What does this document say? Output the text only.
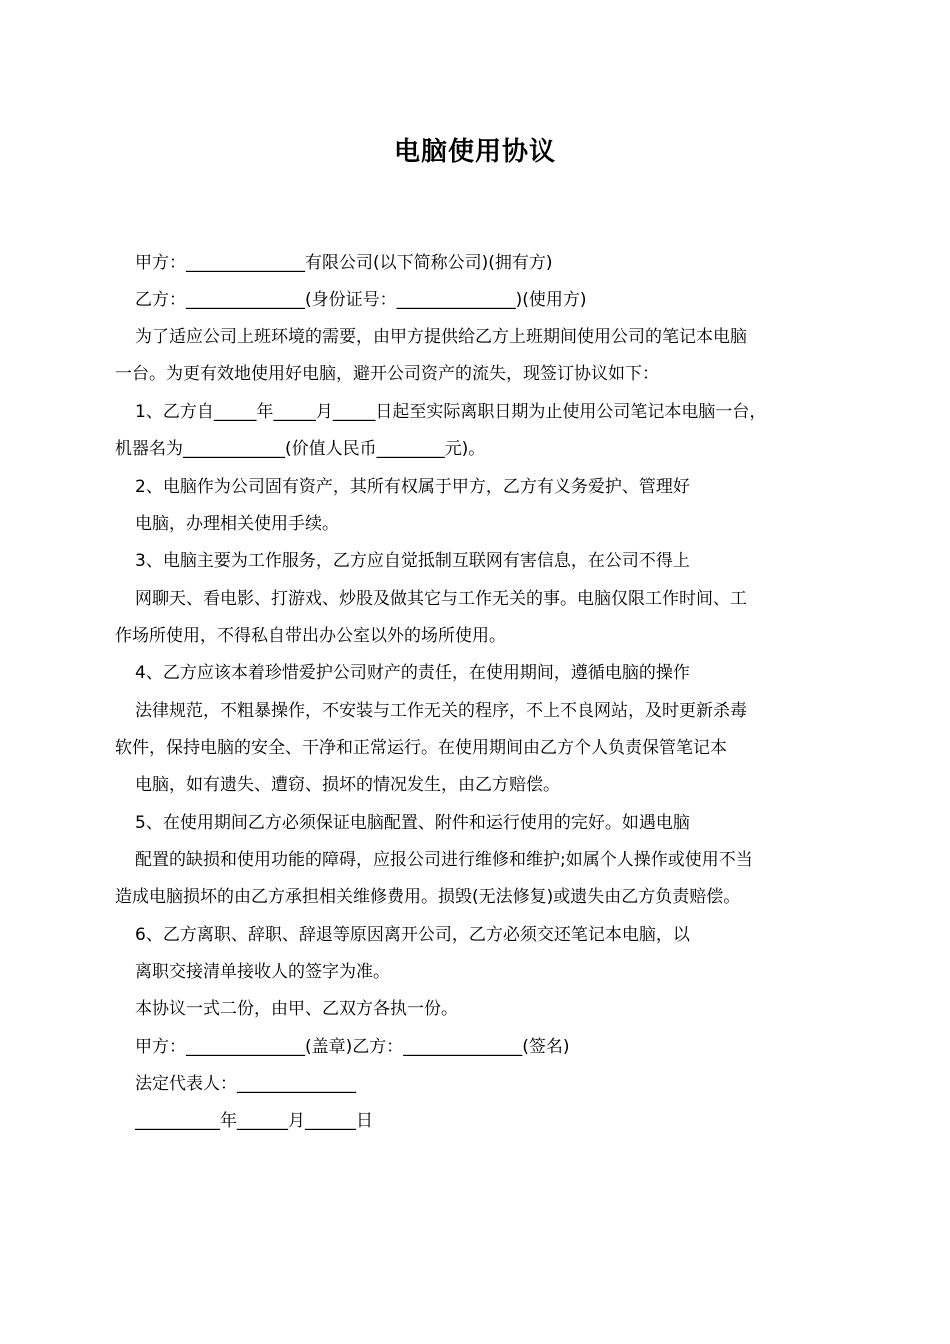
电脑使用协议
甲方：______________有限公司(以下简称公司)(拥有方)
乙方：______________(身份证号：______________)(使用方)
为了适应公司上班环境的需要，由甲方提供给乙方上班期间使用公司的笔记本电脑
一台。为更有效地使用好电脑，避开公司资产的流失，现签订协议如下：
1、乙方自_____年_____月_____日起至实际离职日期为止使用公司笔记本电脑一台，
机器名为____________(价值人民币________元)。
2、电脑作为公司固有资产，其所有权属于甲方，乙方有义务爱护、管理好
电脑，办理相关使用手续。
3、电脑主要为工作服务，乙方应自觉抵制互联网有害信息，在公司不得上
网聊天、看电影、打游戏、炒股及做其它与工作无关的事。电脑仅限工作时间、工
作场所使用，不得私自带出办公室以外的场所使用。
4、乙方应该本着珍惜爱护公司财产的责任，在使用期间，遵循电脑的操作
法律规范，不粗暴操作，不安装与工作无关的程序，不上不良网站，及时更新杀毒
软件，保持电脑的安全、干净和正常运行。在使用期间由乙方个人负责保管笔记本
电脑，如有遗失、遭窃、损坏的情况发生，由乙方赔偿。
5、在使用期间乙方必须保证电脑配置、附件和运行使用的完好。如遇电脑
配置的缺损和使用功能的障碍，应报公司进行维修和维护;如属个人操作或使用不当
造成电脑损坏的由乙方承担相关维修费用。损毁(无法修复)或遗失由乙方负责赔偿。
6、乙方离职、辞职、辞退等原因离开公司，乙方必须交还笔记本电脑，以
离职交接清单接收人的签字为准。
本协议一式二份，由甲、乙双方各执一份。
甲方：______________(盖章)乙方：______________(签名)
法定代表人：______________
__________年______月______日
